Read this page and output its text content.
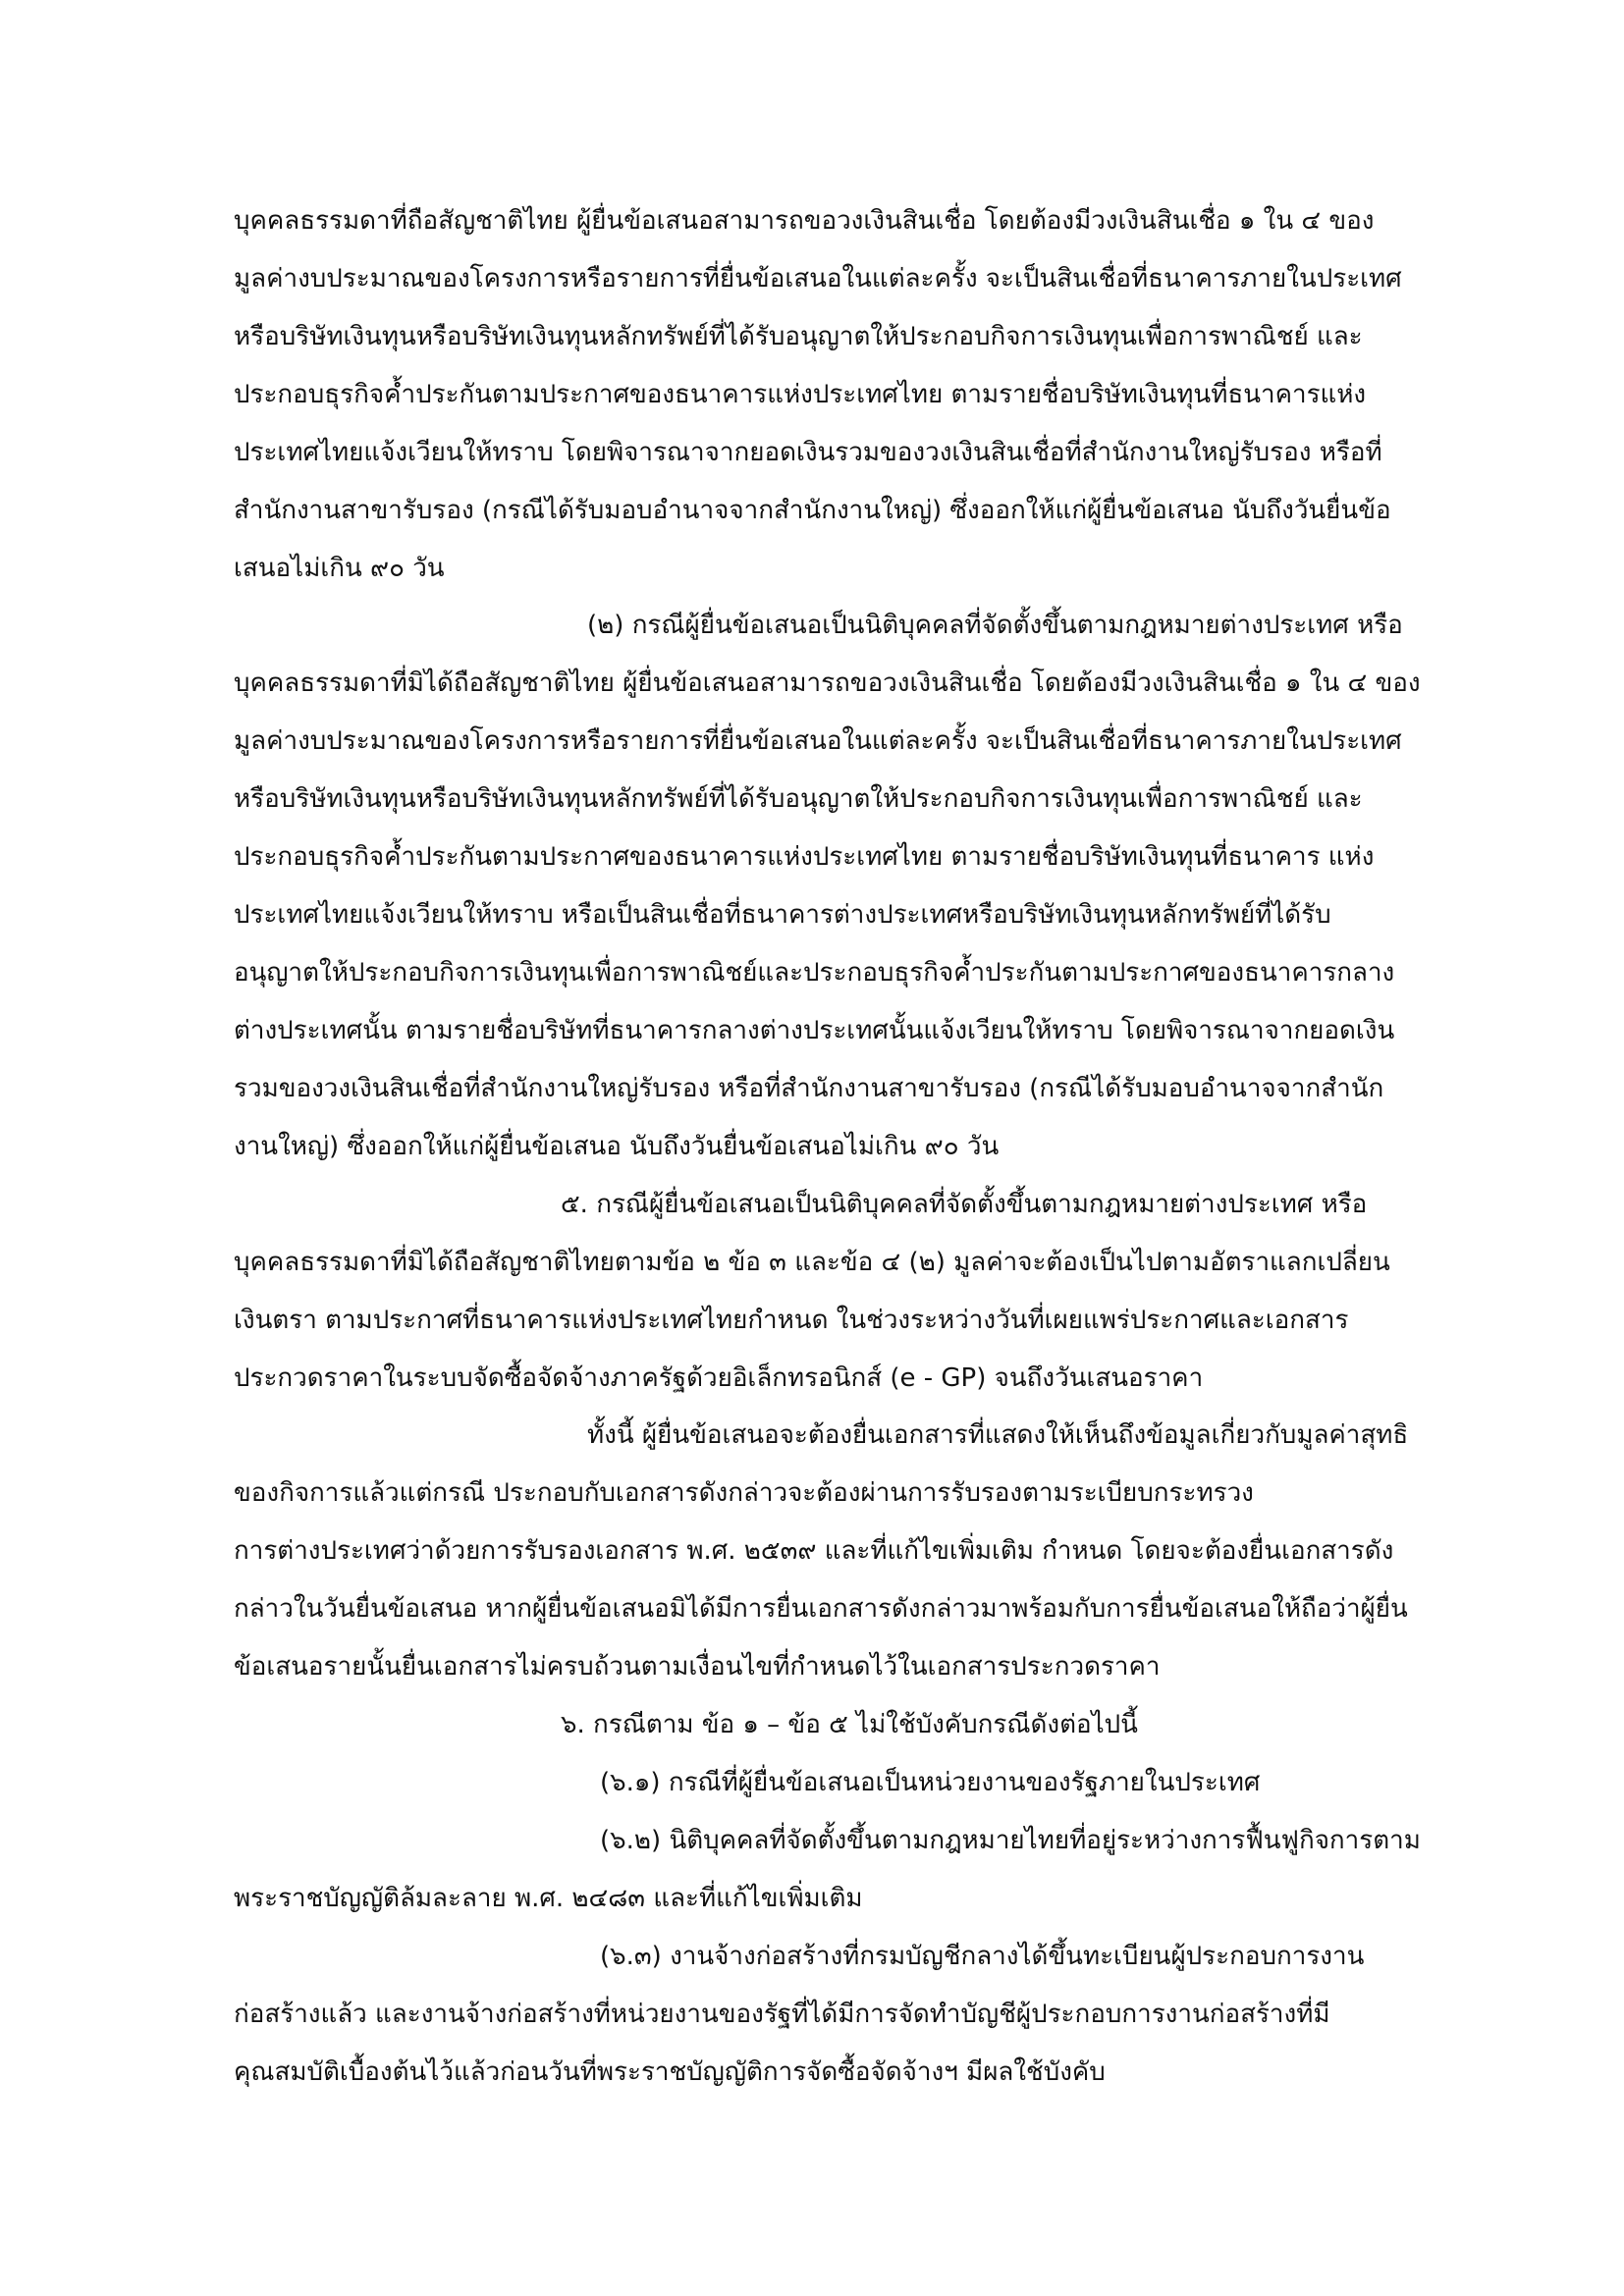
บุคคลธรรมดาที่ถือสัญชาติไทย ผู้ยื่นข้อเสนอสามารถขอวงเงินสินเชื่อ โดยต้องมีวงเงินสินเชื่อ ๑ ใน ๔ ของ
มูลค่างบประมาณของโครงการหรือรายการที่ยื่นข้อเสนอในแต่ละครั้ง จะเป็นสินเชื่อที่ธนาคารภายในประเทศ
หรือบริษัทเงินทุนหรือบริษัทเงินทุนหลักทรัพย์ที่ได้รับอนุญาตให้ประกอบกิจการเงินทุนเพื่อการพาณิชย์ และ
ประกอบธุรกิจค้ำประกันตามประกาศของธนาคารแห่งประเทศไทย ตามรายชื่อบริษัทเงินทุนที่ธนาคารแห่ง
ประเทศไทยแจ้งเวียนให้ทราบ โดยพิจารณาจากยอดเงินรวมของวงเงินสินเชื่อที่สำนักงานใหญ่รับรอง หรือที่
สำนักงานสาขารับรอง (กรณีได้รับมอบอำนาจจากสำนักงานใหญ่) ซึ่งออกให้แก่ผู้ยื่นข้อเสนอ นับถึงวันยื่นข้อ
เสนอไม่เกิน ๙๐ วัน
(๒) กรณีผู้ยื่นข้อเสนอเป็นนิติบุคคลที่จัดตั้งขึ้นตามกฎหมายต่างประเทศ หรือ
บุคคลธรรมดาที่มิได้ถือสัญชาติไทย ผู้ยื่นข้อเสนอสามารถขอวงเงินสินเชื่อ โดยต้องมีวงเงินสินเชื่อ ๑ ใน ๔ ของ
มูลค่างบประมาณของโครงการหรือรายการที่ยื่นข้อเสนอในแต่ละครั้ง จะเป็นสินเชื่อที่ธนาคารภายในประเทศ
หรือบริษัทเงินทุนหรือบริษัทเงินทุนหลักทรัพย์ที่ได้รับอนุญาตให้ประกอบกิจการเงินทุนเพื่อการพาณิชย์ และ
ประกอบธุรกิจค้ำประกันตามประกาศของธนาคารแห่งประเทศไทย ตามรายชื่อบริษัทเงินทุนที่ธนาคาร แห่ง
ประเทศไทยแจ้งเวียนให้ทราบ หรือเป็นสินเชื่อที่ธนาคารต่างประเทศหรือบริษัทเงินทุนหลักทรัพย์ที่ได้รับ
อนุญาตให้ประกอบกิจการเงินทุนเพื่อการพาณิชย์และประกอบธุรกิจค้ำประกันตามประกาศของธนาคารกลาง
ต่างประเทศนั้น ตามรายชื่อบริษัทที่ธนาคารกลางต่างประเทศนั้นแจ้งเวียนให้ทราบ โดยพิจารณาจากยอดเงิน
รวมของวงเงินสินเชื่อที่สำนักงานใหญ่รับรอง หรือที่สำนักงานสาขารับรอง (กรณีได้รับมอบอำนาจจากสำนัก
งานใหญ่) ซึ่งออกให้แก่ผู้ยื่นข้อเสนอ นับถึงวันยื่นข้อเสนอไม่เกิน ๙๐ วัน
๕. กรณีผู้ยื่นข้อเสนอเป็นนิติบุคคลที่จัดตั้งขึ้นตามกฎหมายต่างประเทศ หรือ
บุคคลธรรมดาที่มิได้ถือสัญชาติไทยตามข้อ ๒ ข้อ ๓ และข้อ ๔ (๒) มูลค่าจะต้องเป็นไปตามอัตราแลกเปลี่ยน
เงินตรา ตามประกาศที่ธนาคารแห่งประเทศไทยกำหนด ในช่วงระหว่างวันที่เผยแพร่ประกาศและเอกสาร
ประกวดราคาในระบบจัดซื้อจัดจ้างภาครัฐด้วยอิเล็กทรอนิกส์ (e - GP) จนถึงวันเสนอราคา
ทั้งนี้ ผู้ยื่นข้อเสนอจะต้องยื่นเอกสารที่แสดงให้เห็นถึงข้อมูลเกี่ยวกับมูลค่าสุทธิ
ของกิจการแล้วแต่กรณี ประกอบกับเอกสารดังกล่าวจะต้องผ่านการรับรองตามระเบียบกระทรวง
การต่างประเทศว่าด้วยการรับรองเอกสาร พ.ศ. ๒๕๓๙ และที่แก้ไขเพิ่มเติม กำหนด โดยจะต้องยื่นเอกสารดัง
กล่าวในวันยื่นข้อเสนอ หากผู้ยื่นข้อเสนอมิได้มีการยื่นเอกสารดังกล่าวมาพร้อมกับการยื่นข้อเสนอให้ถือว่าผู้ยื่น
ข้อเสนอรายนั้นยื่นเอกสารไม่ครบถ้วนตามเงื่อนไขที่กำหนดไว้ในเอกสารประกวดราคา
๖. กรณีตาม ข้อ ๑ – ข้อ ๕ ไม่ใช้บังคับกรณีดังต่อไปนี้
(๖.๑) กรณีที่ผู้ยื่นข้อเสนอเป็นหน่วยงานของรัฐภายในประเทศ
(๖.๒) นิติบุคคลที่จัดตั้งขึ้นตามกฎหมายไทยที่อยู่ระหว่างการฟื้นฟูกิจการตาม
พระราชบัญญัติล้มละลาย พ.ศ. ๒๔๘๓ และที่แก้ไขเพิ่มเติม
(๖.๓) งานจ้างก่อสร้างที่กรมบัญชีกลางได้ขึ้นทะเบียนผู้ประกอบการงาน
ก่อสร้างแล้ว และงานจ้างก่อสร้างที่หน่วยงานของรัฐที่ได้มีการจัดทำบัญชีผู้ประกอบการงานก่อสร้างที่มี
คุณสมบัติเบื้องต้นไว้แล้วก่อนวันที่พระราชบัญญัติการจัดซื้อจัดจ้างฯ มีผลใช้บังคับ
